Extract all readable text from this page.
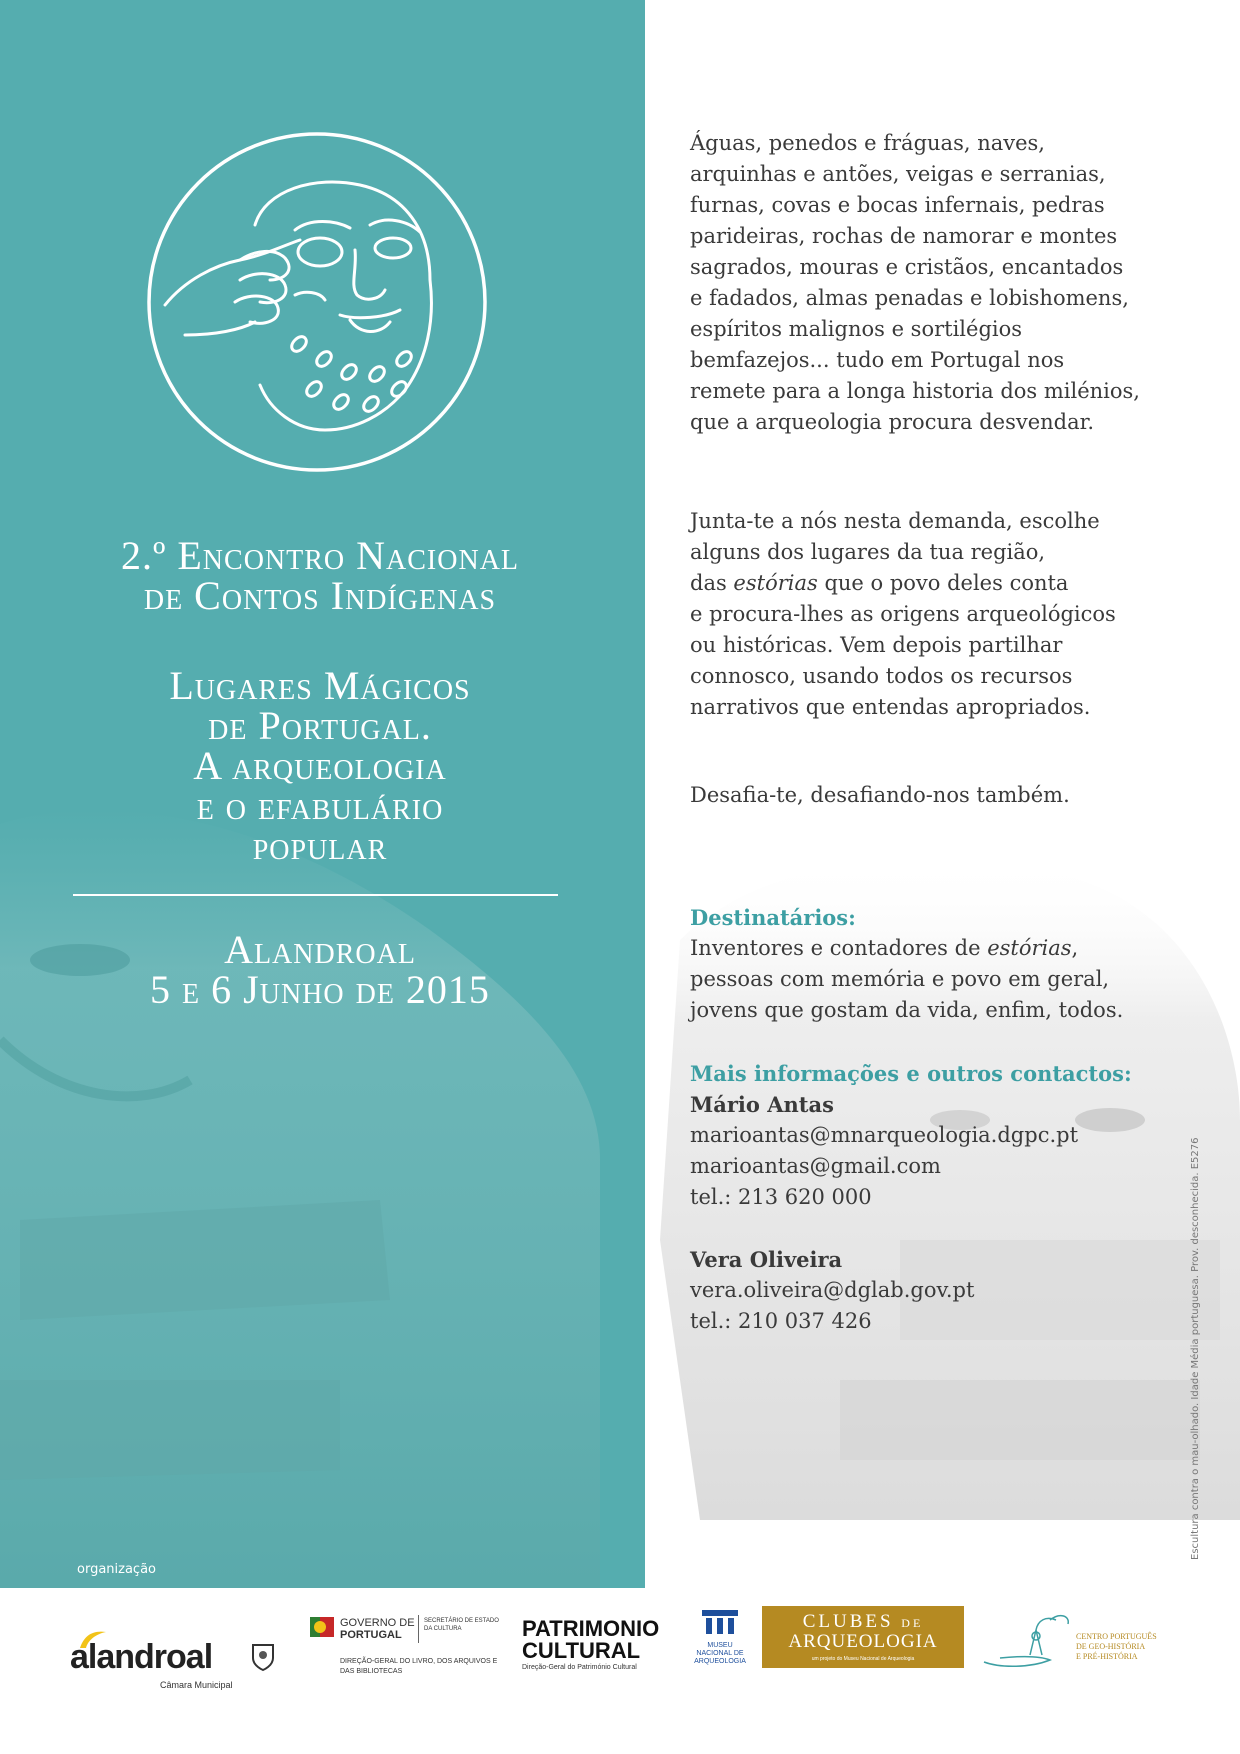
2.º Encontro Nacional
de Contos Indígenas
Lugares Mágicos
de Portugal.
A arqueologia
e o efabulário
popular
Alandroal
5 e 6 Junho de 2015
organização

Águas, penedos e fráguas, naves,
arquinhas e antões, veigas e serranias,
furnas, covas e bocas infernais, pedras
parideiras, rochas de namorar e montes
sagrados, mouras e cristãos, encantados
e fadados, almas penadas e lobishomens,
espíritos malignos e sortilégios
bemfazejos... tudo em Portugal nos
remete para a longa historia dos milénios,
que a arqueologia procura desvendar.

Junta-te a nós nesta demanda, escolhe
alguns dos lugares da tua região,
das estórias que o povo deles conta
e procura-lhes as origens arqueológicos
ou históricas. Vem depois partilhar
connosco, usando todos os recursos
narrativos que entendas apropriados.

Desafia-te, desafiando-nos também.

Destinatários:
Inventores e contadores de estórias,
pessoas com memória e povo em geral,
jovens que gostam da vida, enfim, todos.
Mais informações e outros contactos:
Mário Antas
marioantas@mnarqueologia.dgpc.pt
marioantas@gmail.com
tel.: 213 620 000
Vera Oliveira
vera.oliveira@dglab.gov.pt
tel.: 210 037 426	Escultura contra o mau-olhado. Idade Média portuguesa. Prov. desconhecida. E5276
alandroal
Câmara Municipal
GOVERNO DE
PORTUGAL
SECRETÁRIO DE ESTADO
DA CULTURA
DIREÇÃO-GERAL DO LIVRO, DOS ARQUIVOS E
DAS BIBLIOTECAS
PATRIMONIO
CULTURAL
Direção-Geral do Património Cultural
MUSEU
NACIONAL DE
ARQUEOLOGIA
CLUBES DE
ARQUEOLOGIA
um projeto do Museu Nacional de Arqueologia
CENTRO PORTUGUÊS
DE GEO-HISTÓRIA
E PRÉ-HISTÓRIA
